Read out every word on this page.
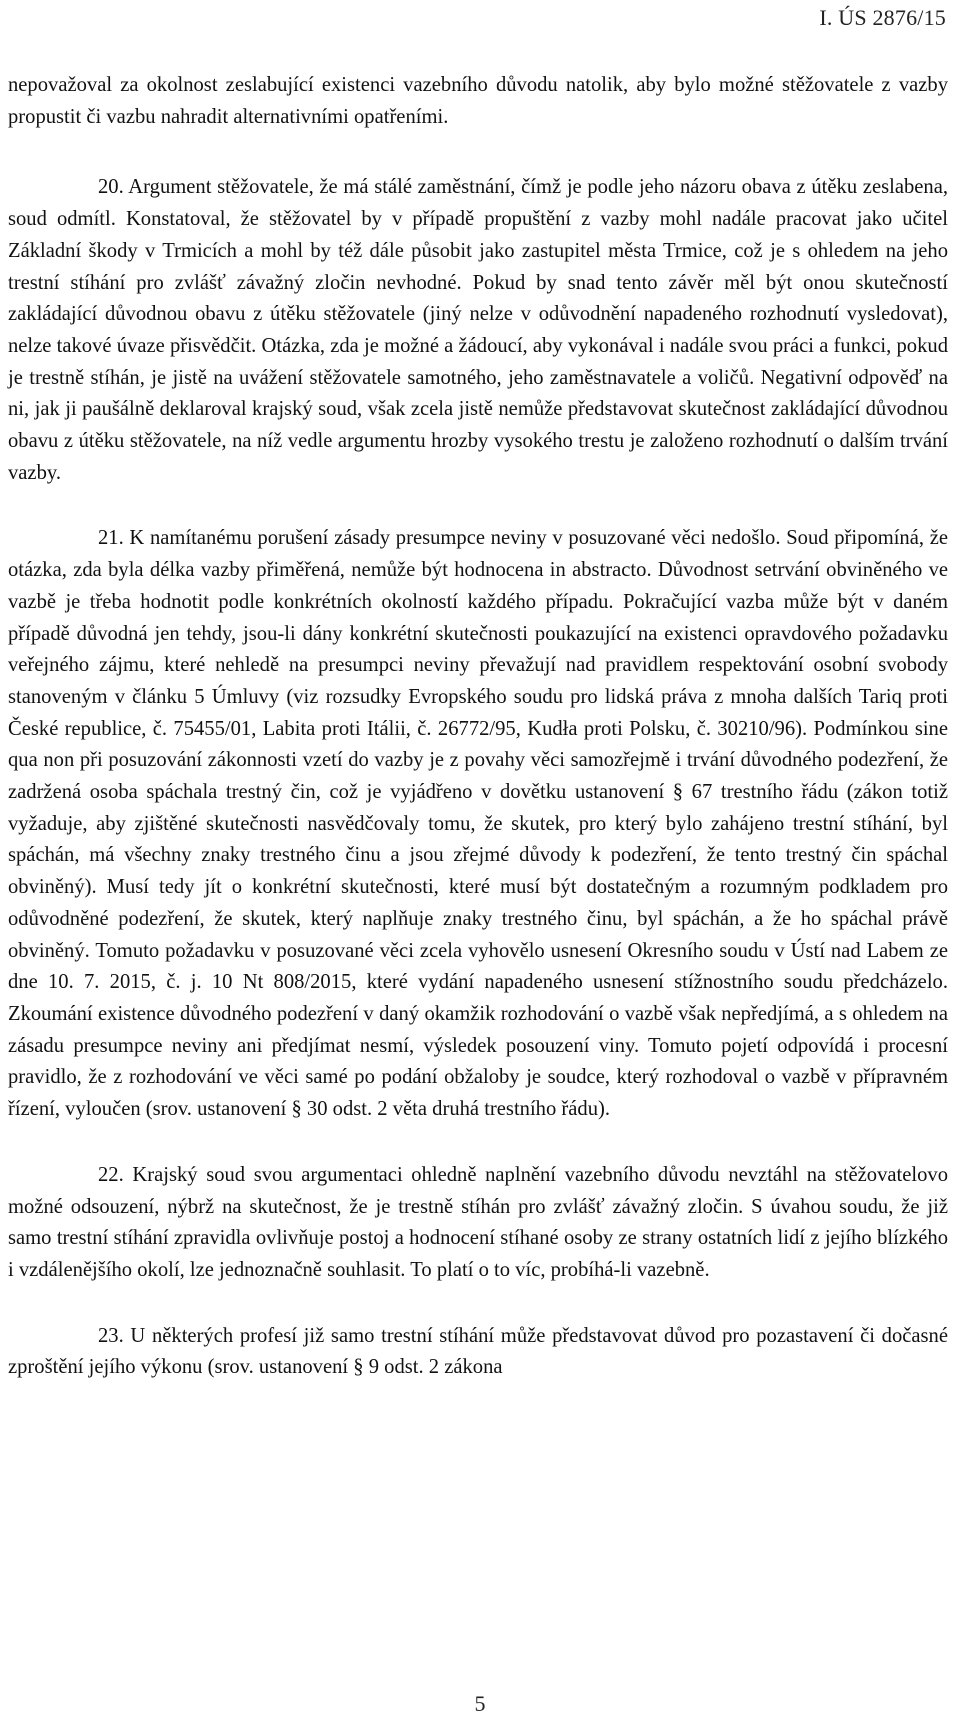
I. ÚS 2876/15

nepovažoval za okolnost zeslabující existenci vazebního důvodu natolik, aby bylo možné stěžovatele z vazby propustit či vazbu nahradit alternativními opatřeními.

20. Argument stěžovatele, že má stálé zaměstnání, čímž je podle jeho názoru obava z útěku zeslabena, soud odmítl. Konstatoval, že stěžovatel by v případě propuštění z vazby mohl nadále pracovat jako učitel Základní škody v Trmicích a mohl by též dále působit jako zastupitel města Trmice, což je s ohledem na jeho trestní stíhání pro zvlášť závažný zločin nevhodné. Pokud by snad tento závěr měl být onou skutečností zakládající důvodnou obavu z útěku stěžovatele (jiný nelze v odůvodnění napadeného rozhodnutí vysledovat), nelze takové úvaze přisvědčit. Otázka, zda je možné a žádoucí, aby vykonával i nadále svou práci a funkci, pokud je trestně stíhán, je jistě na uvážení stěžovatele samotného, jeho zaměstnavatele a voličů. Negativní odpověď na ni, jak ji paušálně deklaroval krajský soud, však zcela jistě nemůže představovat skutečnost zakládající důvodnou obavu z útěku stěžovatele, na níž vedle argumentu hrozby vysokého trestu je založeno rozhodnutí o dalším trvání vazby.

21. K namítanému porušení zásady presumpce neviny v posuzované věci nedošlo. Soud připomíná, že otázka, zda byla délka vazby přiměřená, nemůže být hodnocena in abstracto. Důvodnost setrvání obviněného ve vazbě je třeba hodnotit podle konkrétních okolností každého případu. Pokračující vazba může být v daném případě důvodná jen tehdy, jsou-li dány konkrétní skutečnosti poukazující na existenci opravdového požadavku veřejného zájmu, které nehledě na presumpci neviny převažují nad pravidlem respektování osobní svobody stanoveným v článku 5 Úmluvy (viz rozsudky Evropského soudu pro lidská práva z mnoha dalších Tariq proti České republice, č. 75455/01, Labita proti Itálii, č. 26772/95, Kudła proti Polsku, č. 30210/96). Podmínkou sine qua non při posuzování zákonnosti vzetí do vazby je z povahy věci samozřejmě i trvání důvodného podezření, že zadržená osoba spáchala trestný čin, což je vyjádřeno v dovětku ustanovení § 67 trestního řádu (zákon totiž vyžaduje, aby zjištěné skutečnosti nasvědčovaly tomu, že skutek, pro který bylo zahájeno trestní stíhání, byl spáchán, má všechny znaky trestného činu a jsou zřejmé důvody k podezření, že tento trestný čin spáchal obviněný). Musí tedy jít o konkrétní skutečnosti, které musí být dostatečným a rozumným podkladem pro odůvodněné podezření, že skutek, který naplňuje znaky trestného činu, byl spáchán, a že ho spáchal právě obviněný. Tomuto požadavku v posuzované věci zcela vyhovělo usnesení Okresního soudu v Ústí nad Labem ze dne 10. 7. 2015, č. j. 10 Nt 808/2015, které vydání napadeného usnesení stížnostního soudu předcházelo. Zkoumání existence důvodného podezření v daný okamžik rozhodování o vazbě však nepředjímá, a s ohledem na zásadu presumpce neviny ani předjímat nesmí, výsledek posouzení viny. Tomuto pojetí odpovídá i procesní pravidlo, že z rozhodování ve věci samé po podání obžaloby je soudce, který rozhodoval o vazbě v přípravném řízení, vyloučen (srov. ustanovení § 30 odst. 2 věta druhá trestního řádu).

22. Krajský soud svou argumentaci ohledně naplnění vazebního důvodu nevztáhl na stěžovatelovo možné odsouzení, nýbrž na skutečnost, že je trestně stíhán pro zvlášť závažný zločin. S úvahou soudu, že již samo trestní stíhání zpravidla ovlivňuje postoj a hodnocení stíhané osoby ze strany ostatních lidí z jejího blízkého i vzdálenějšího okolí, lze jednoznačně souhlasit. To platí o to víc, probíhá-li vazebně.

23. U některých profesí již samo trestní stíhání může představovat důvod pro pozastavení či dočasné zproštění jejího výkonu (srov. ustanovení § 9 odst. 2 zákona

5
